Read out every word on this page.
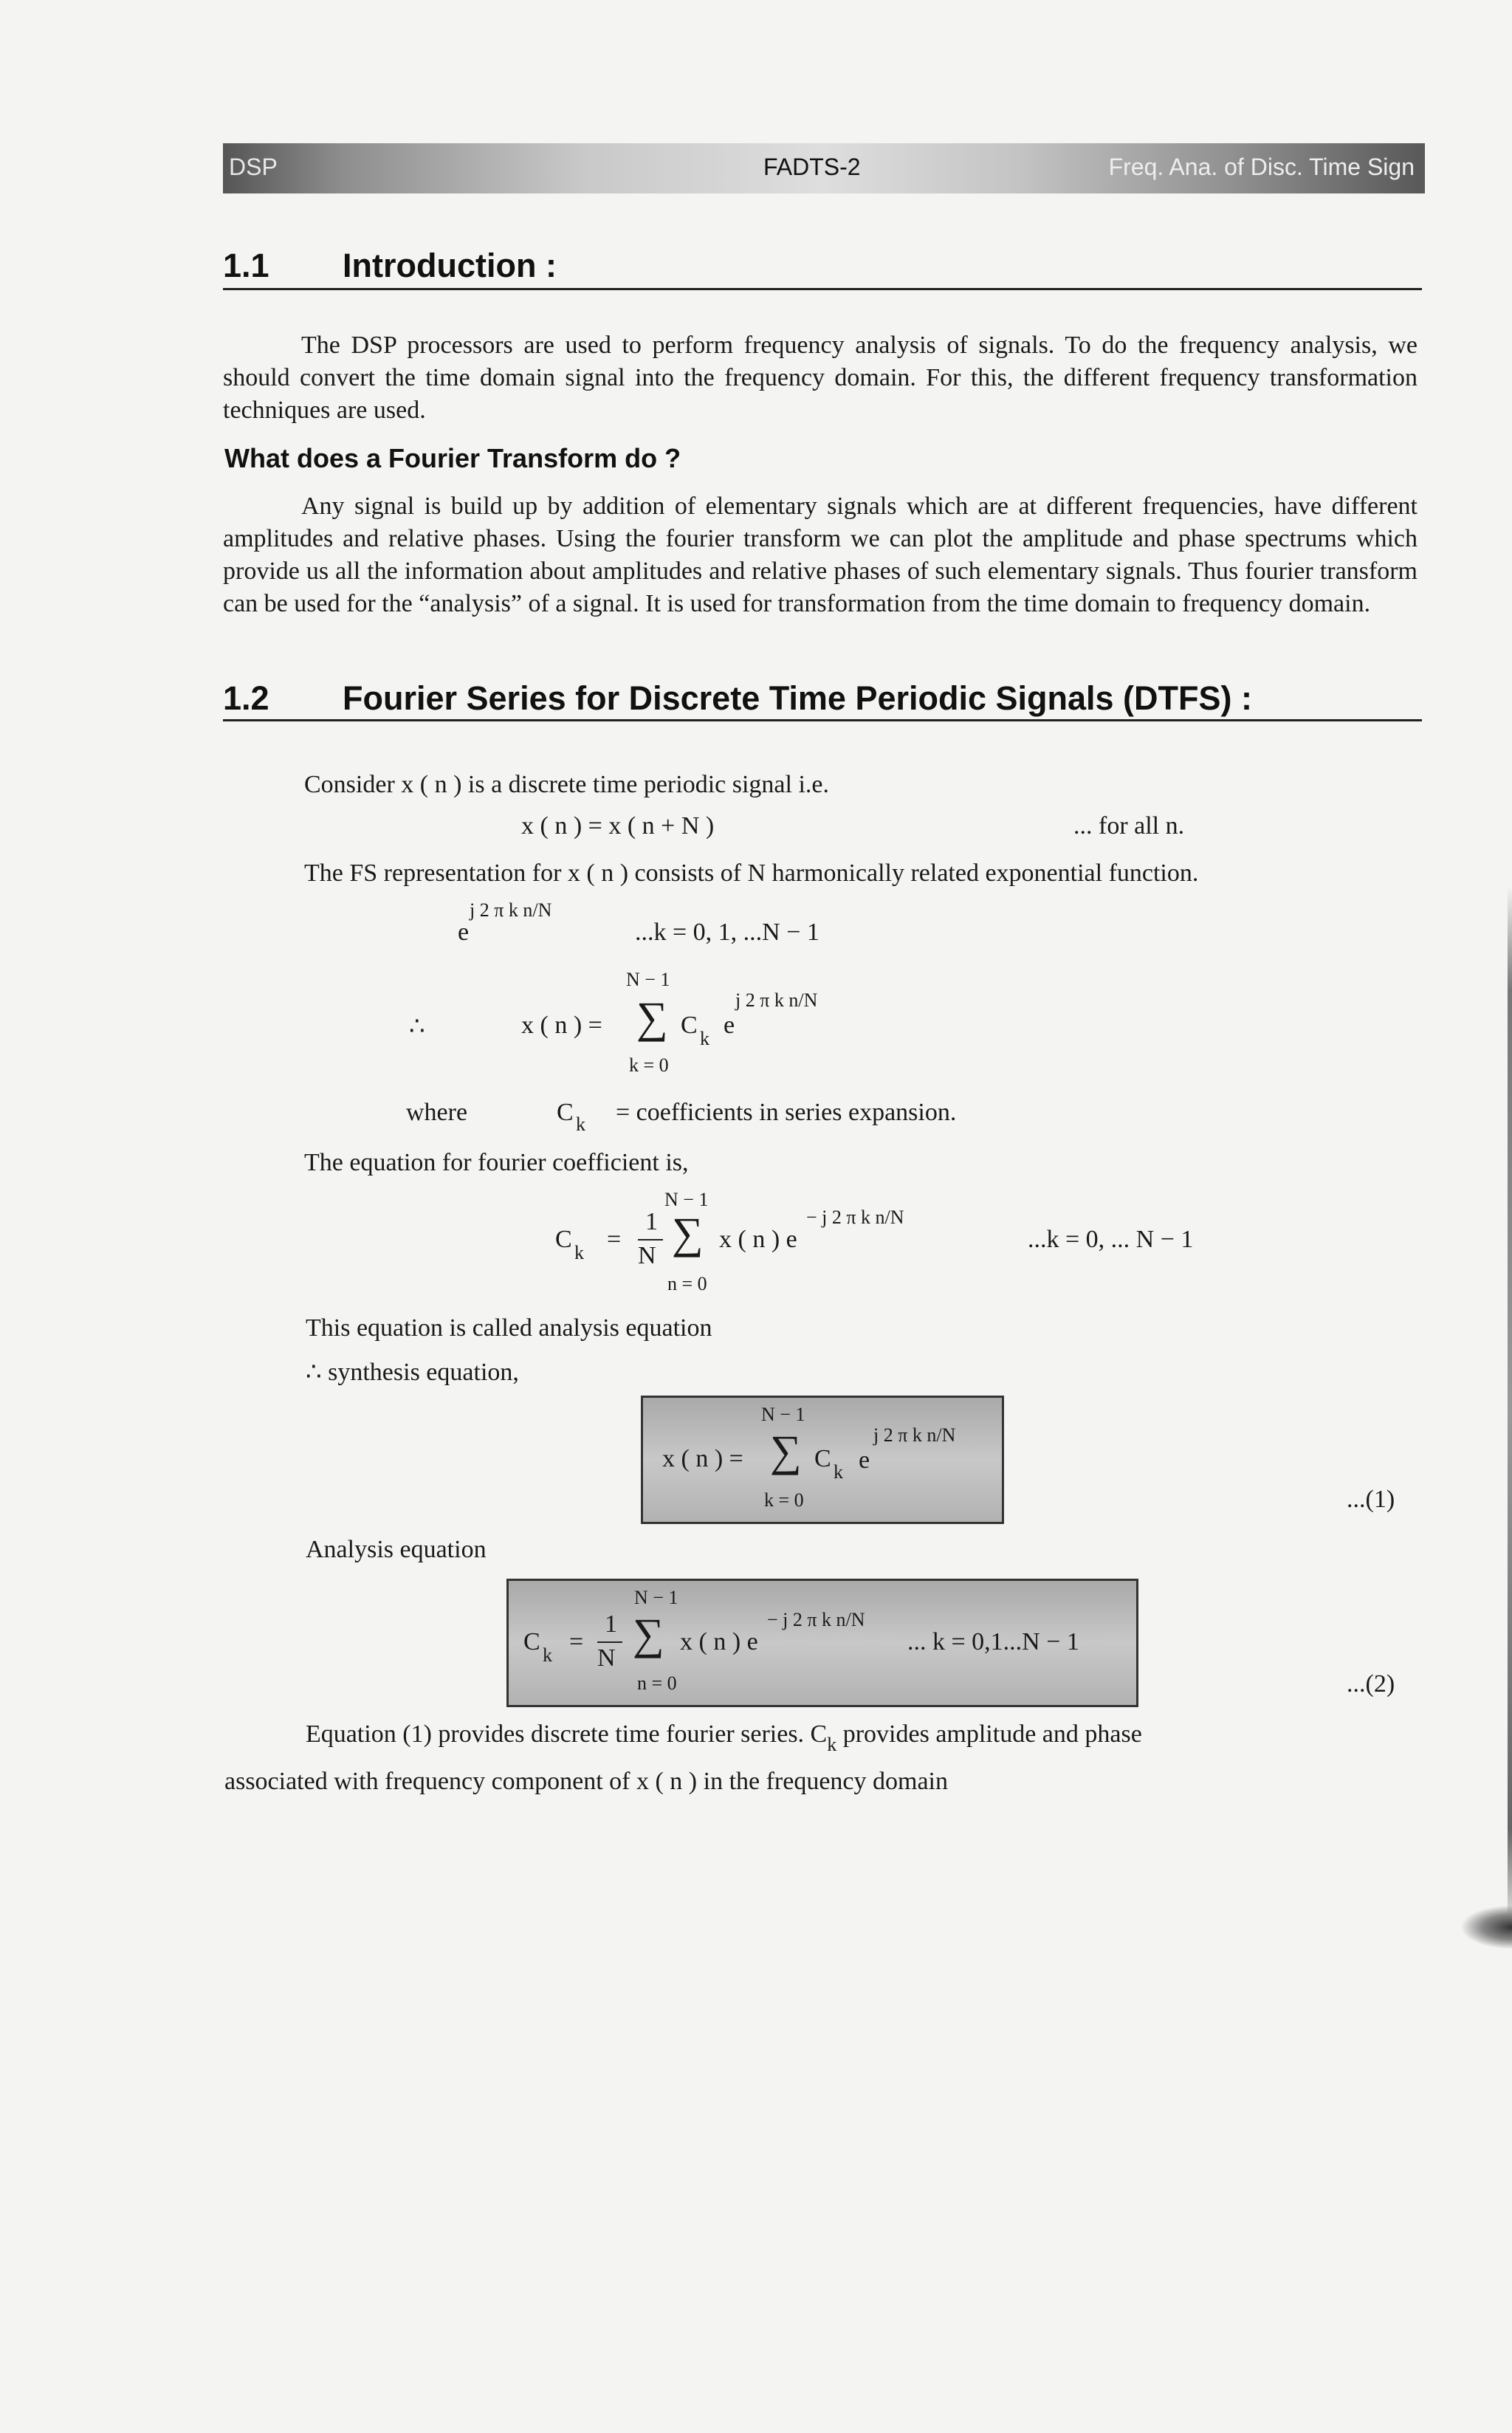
DSP	FADTS-2	Freq. Ana. of Disc. Time Sign
1.1 Introduction :
The DSP processors are used to perform frequency analysis of signals. To do the frequency analysis, we should convert the time domain signal into the frequency domain. For this, the different frequency transformation techniques are used.
What does a Fourier Transform do ?
Any signal is build up by addition of elementary signals which are at different frequencies, have different amplitudes and relative phases. Using the fourier transform we can plot the amplitude and phase spectrums which provide us all the information about amplitudes and relative phases of such elementary signals. Thus fourier transform can be used for the “analysis” of a signal. It is used for transformation from the time domain to frequency domain.
1.2 Fourier Series for Discrete Time Periodic Signals (DTFS) :
Consider x ( n ) is a discrete time periodic signal i.e.
x ( n ) = x ( n + N )	... for all n.
The FS representation for x ( n ) consists of N harmonically related exponential function.
j 2 π k n/N
e	...k = 0, 1, ...N − 1
N − 1
∴	x ( n ) = ∑ C k e
j 2 π k n/N
k = 0
where	C k = coefficients in series expansion.
The equation for fourier coefficient is,
N − 1
C k =
1
N ∑ x ( n ) e
− j 2 π k n/N
n = 0
...k = 0, ... N − 1
This equation is called analysis equation
∴ synthesis equation,
N − 1
x ( n ) = ∑ C k e
j 2 π k n/N
k = 0	...(1)
Analysis equation
N − 1
C k =
1
N ∑ x ( n ) e
− j 2 π k n/N
... k = 0,1...N − 1
n = 0	...(2)
Equation (1) provides discrete time fourier series. $C_k$ provides amplitude and phase
associated with frequency component of x ( n ) in the frequency domain
